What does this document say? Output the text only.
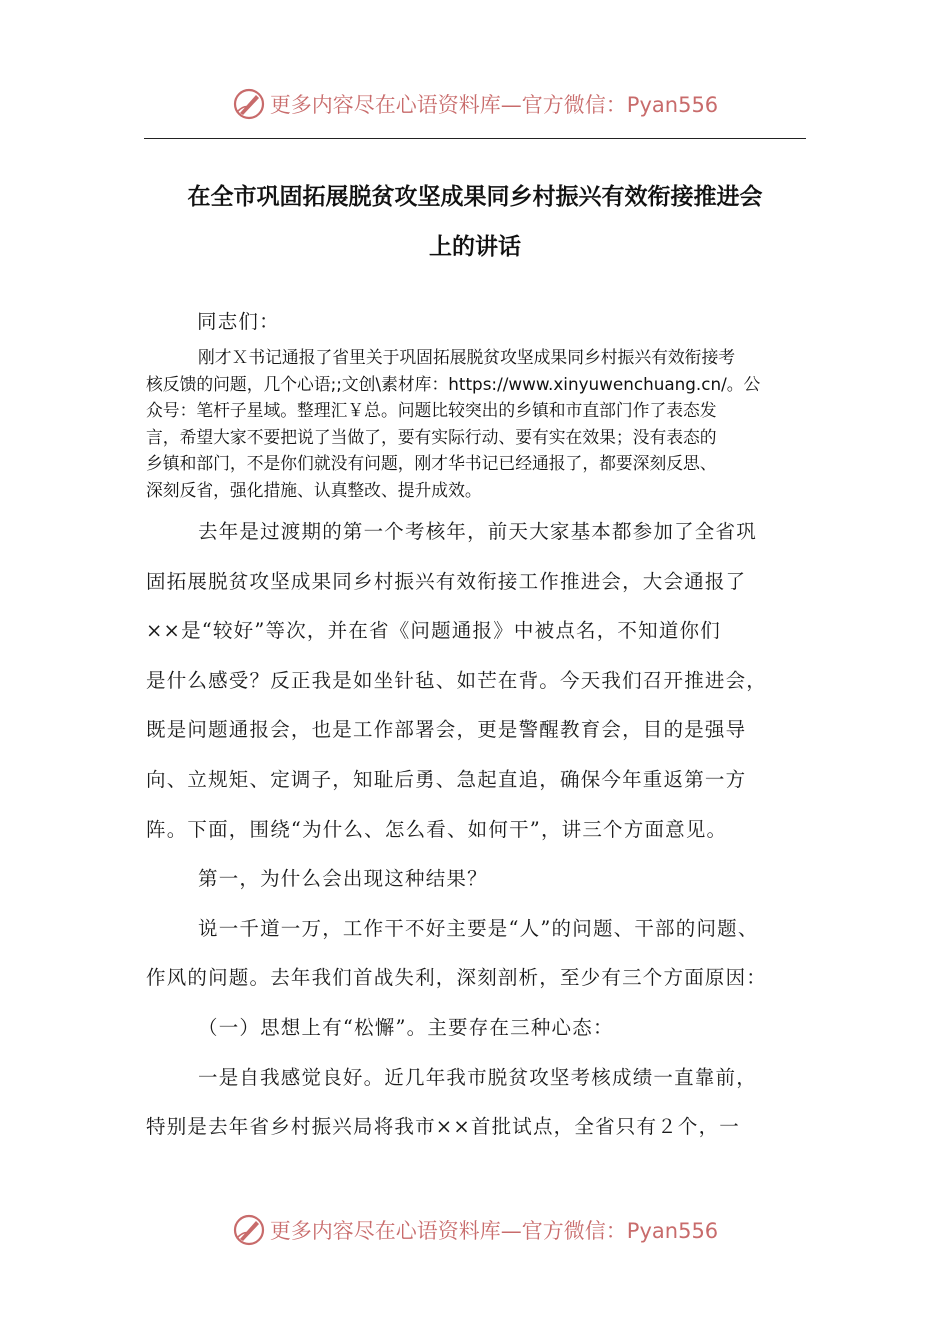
更多内容尽在心语资料库—官方微信：Pyan556
在全市巩固拓展脱贫攻坚成果同乡村振兴有效衔接推进会
上的讲话
同志们：
刚才Ｘ书记通报了省里关于巩固拓展脱贫攻坚成果同乡村振兴有效衔接考
核反馈的问题，几个心语;;文创\素材库：https://www.xinyuwenchuang.cn/。公
众号：笔杆子星域。整理汇￥总。问题比较突出的乡镇和市直部门作了表态发
言，希望大家不要把说了当做了，要有实际行动、要有实在效果；没有表态的
乡镇和部门，不是你们就没有问题，刚才华书记已经通报了，都要深刻反思、
深刻反省，强化措施、认真整改、提升成效。
去年是过渡期的第一个考核年，前天大家基本都参加了全省巩
固拓展脱贫攻坚成果同乡村振兴有效衔接工作推进会，大会通报了
××是“较好”等次，并在省《问题通报》中被点名，不知道你们
是什么感受？反正我是如坐针毡、如芒在背。今天我们召开推进会，
既是问题通报会，也是工作部署会，更是警醒教育会，目的是强导
向、立规矩、定调子，知耻后勇、急起直追，确保今年重返第一方
阵。下面，围绕“为什么、怎么看、如何干”，讲三个方面意见。
第一，为什么会出现这种结果？
说一千道一万，工作干不好主要是“人”的问题、干部的问题、
作风的问题。去年我们首战失利，深刻剖析，至少有三个方面原因：
（一）思想上有“松懈”。主要存在三种心态：
一是自我感觉良好。近几年我市脱贫攻坚考核成绩一直靠前，
特别是去年省乡村振兴局将我市××首批试点，全省只有２个，一
更多内容尽在心语资料库—官方微信：Pyan556
